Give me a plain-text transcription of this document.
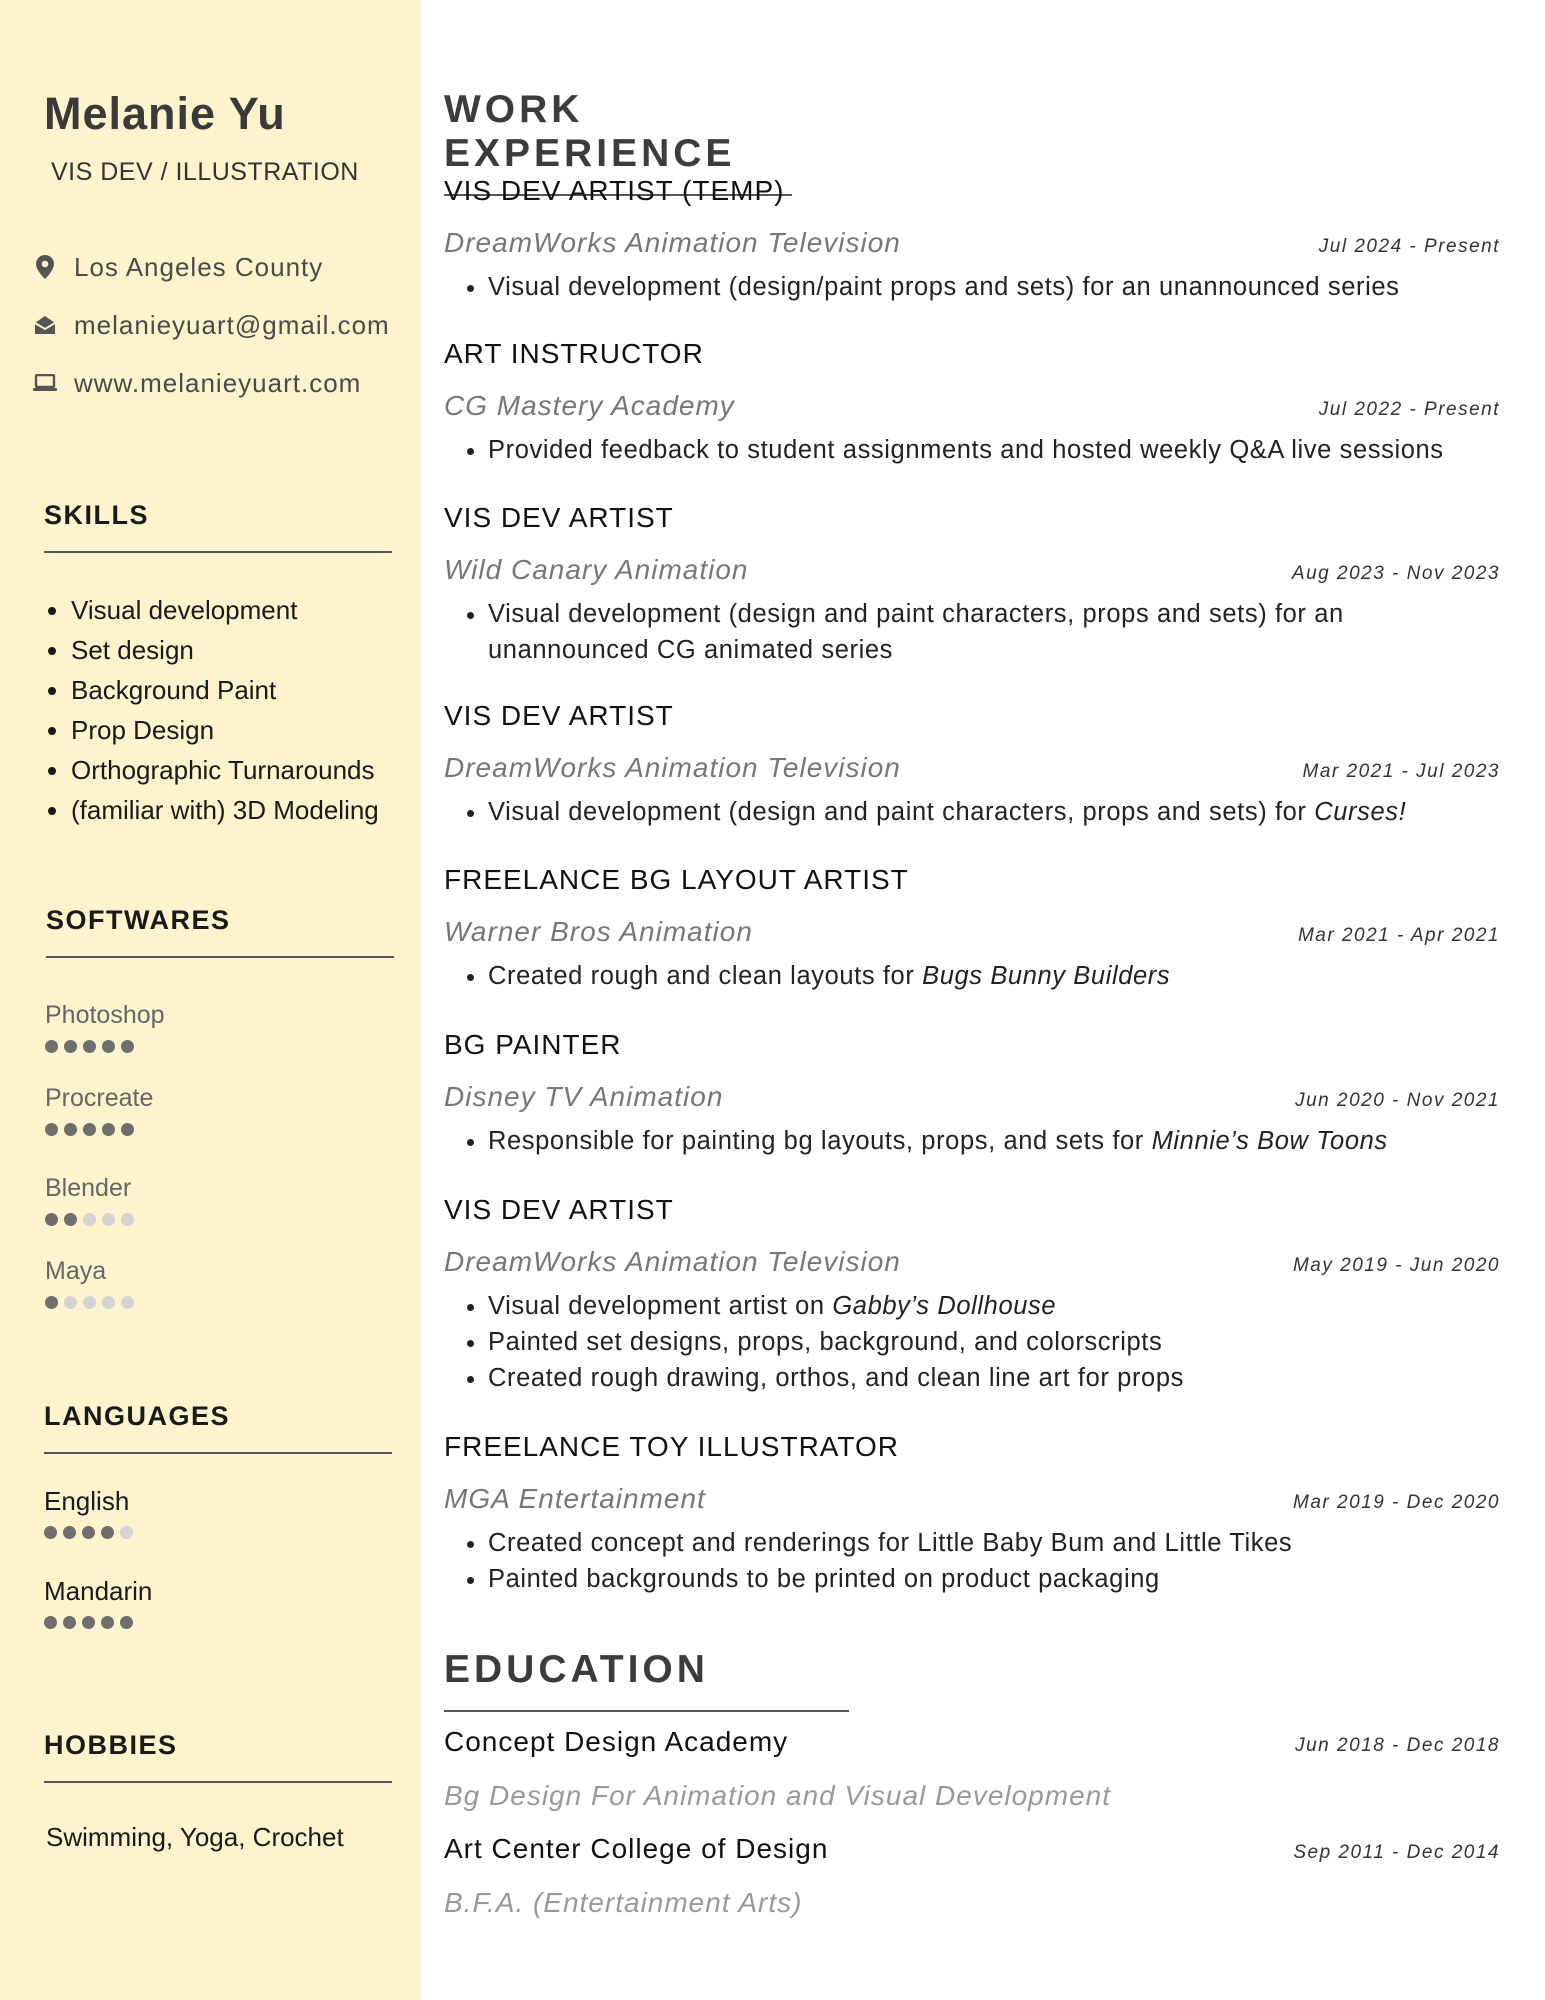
Melanie Yu
VIS DEV / ILLUSTRATION
Los Angeles County
melanieyuart@gmail.com
www.melanieyuart.com
SKILLS
• Visual development
• Set design
• Background Paint
• Prop Design
• Orthographic Turnarounds
• (familiar with) 3D Modeling
SOFTWARES
Photoshop
Procreate
Blender
Maya
LANGUAGES
English
Mandarin
HOBBIES
Swimming, Yoga, Crochet
WORK EXPERIENCE
VIS DEV ARTIST (TEMP)
DreamWorks Animation Television	Jul 2024 - Present
• Visual development (design/paint props and sets) for an unannounced series
ART INSTRUCTOR
CG Mastery Academy	Jul 2022 - Present
• Provided feedback to student assignments and hosted weekly Q&A live sessions
VIS DEV ARTIST
Wild Canary Animation	Aug 2023 - Nov 2023
• Visual development (design and paint characters, props and sets) for an unannounced CG animated series
VIS DEV ARTIST
DreamWorks Animation Television	Mar 2021 - Jul 2023
• Visual development (design and paint characters, props and sets) for Curses!
FREELANCE BG LAYOUT ARTIST
Warner Bros Animation	Mar 2021 - Apr 2021
• Created rough and clean layouts for Bugs Bunny Builders
BG PAINTER
Disney TV Animation	Jun 2020 - Nov 2021
• Responsible for painting bg layouts, props, and sets for Minnie’s Bow Toons
VIS DEV ARTIST
DreamWorks Animation Television	May 2019 - Jun 2020
• Visual development artist on Gabby’s Dollhouse
• Painted set designs, props, background, and colorscripts
• Created rough drawing, orthos, and clean line art for props
FREELANCE TOY ILLUSTRATOR
MGA Entertainment	Mar 2019 - Dec 2020
• Created concept and renderings for Little Baby Bum and Little Tikes
• Painted backgrounds to be printed on product packaging
EDUCATION
Concept Design Academy	Jun 2018 - Dec 2018
Bg Design For Animation and Visual Development
Art Center College of Design	Sep 2011 - Dec 2014
B.F.A. (Entertainment Arts)
